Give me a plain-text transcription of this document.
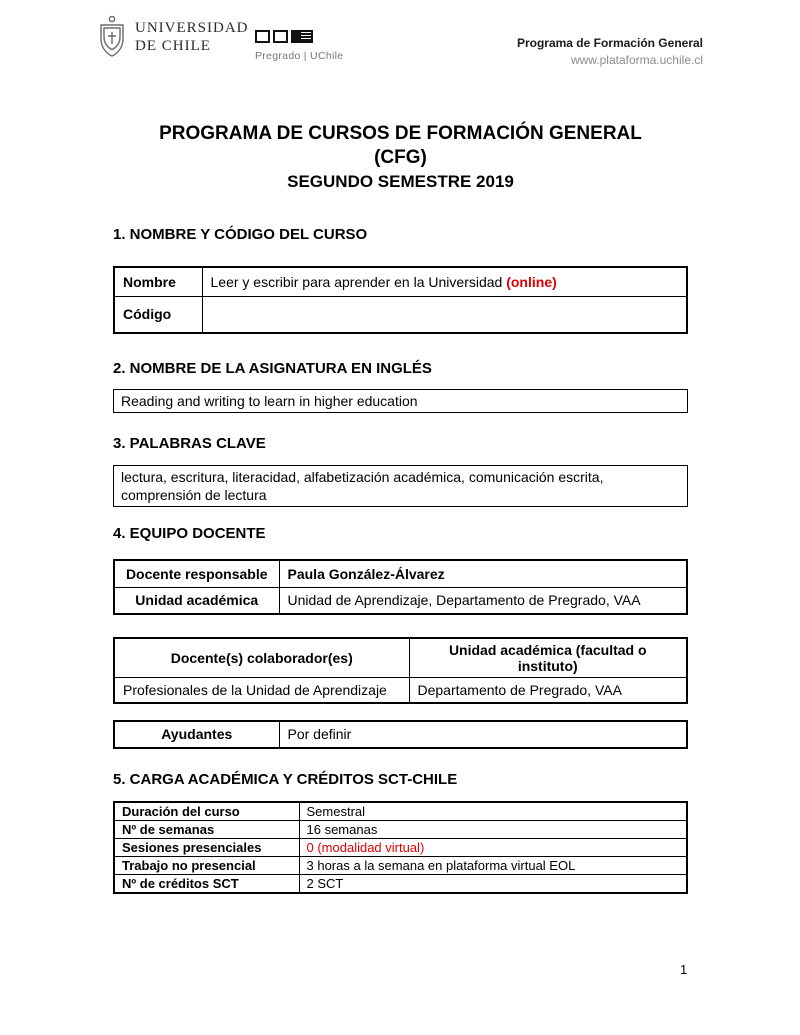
UNIVERSIDAD
DE CHILE
Pregrado | UChile
Programa de Formación General
www.plataforma.uchile.cl
PROGRAMA DE CURSOS DE FORMACIÓN GENERAL
(CFG)
SEGUNDO SEMESTRE 2019
1. NOMBRE Y CÓDIGO DEL CURSO
Nombre	Leer y escribir para aprender en la Universidad (online)
Código	
2. NOMBRE DE LA ASIGNATURA EN INGLÉS
Reading and writing to learn in higher education
3. PALABRAS CLAVE
lectura, escritura, literacidad, alfabetización académica, comunicación escrita, comprensión de lectura
4. EQUIPO DOCENTE
Docente responsable	Paula González-Álvarez
Unidad académica	Unidad de Aprendizaje, Departamento de Pregrado, VAA
Docente(s) colaborador(es)	Unidad académica (facultad o instituto)
Profesionales de la Unidad de Aprendizaje	Departamento de Pregrado, VAA
Ayudantes	Por definir
5. CARGA ACADÉMICA Y CRÉDITOS SCT-CHILE
Duración del curso	Semestral
Nº de semanas	16 semanas
Sesiones presenciales	0 (modalidad virtual)
Trabajo no presencial	3 horas a la semana en plataforma virtual EOL
Nº de créditos SCT	2 SCT
1
